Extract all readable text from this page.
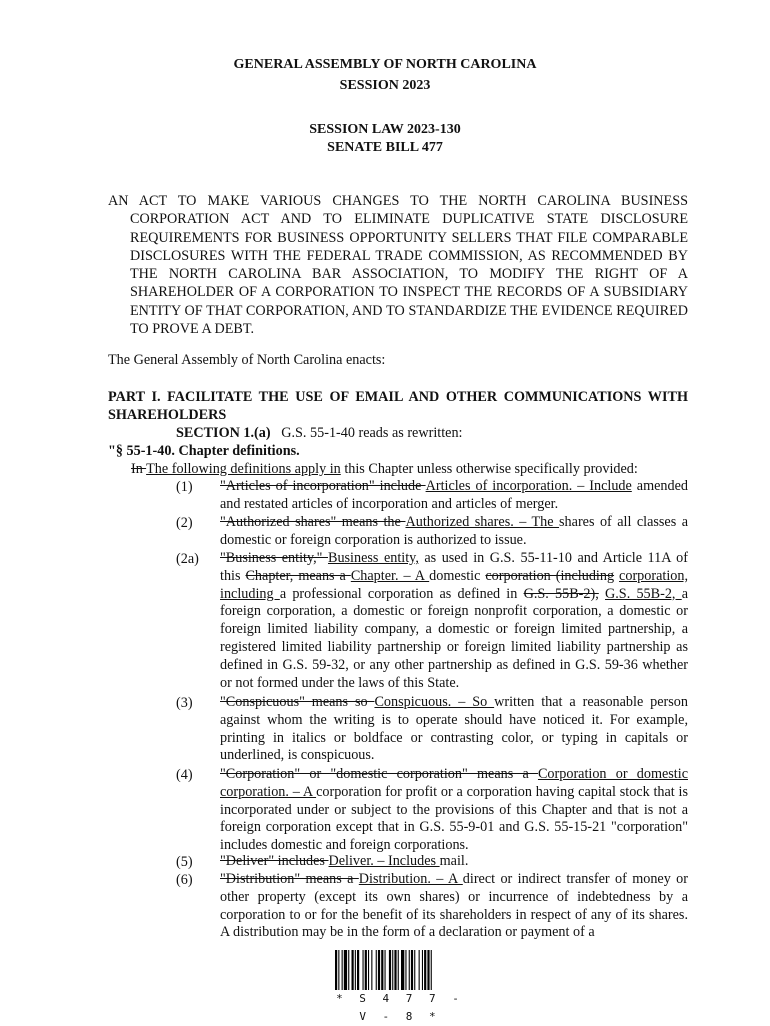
GENERAL ASSEMBLY OF NORTH CAROLINA
SESSION 2023
SESSION LAW 2023-130
SENATE BILL 477
AN ACT TO MAKE VARIOUS CHANGES TO THE NORTH CAROLINA BUSINESS CORPORATION ACT AND TO ELIMINATE DUPLICATIVE STATE DISCLOSURE REQUIREMENTS FOR BUSINESS OPPORTUNITY SELLERS THAT FILE COMPARABLE DISCLOSURES WITH THE FEDERAL TRADE COMMISSION, AS RECOMMENDED BY THE NORTH CAROLINA BAR ASSOCIATION, TO MODIFY THE RIGHT OF A SHAREHOLDER OF A CORPORATION TO INSPECT THE RECORDS OF A SUBSIDIARY ENTITY OF THAT CORPORATION, AND TO STANDARDIZE THE EVIDENCE REQUIRED TO PROVE A DEBT.
The General Assembly of North Carolina enacts:
PART I. FACILITATE THE USE OF EMAIL AND OTHER COMMUNICATIONS WITH SHAREHOLDERS
SECTION 1.(a) G.S. 55-1-40 reads as rewritten:
"§ 55-1-40. Chapter definitions.
In The following definitions apply in this Chapter unless otherwise specifically provided:
(1) "Articles of incorporation" include Articles of incorporation. – Include amended and restated articles of incorporation and articles of merger.
(2) "Authorized shares" means the Authorized shares. – The shares of all classes a domestic or foreign corporation is authorized to issue.
(2a) "Business entity," Business entity, as used in G.S. 55-11-10 and Article 11A of this Chapter, means a Chapter. – A domestic corporation (including corporation, including a professional corporation as defined in G.S. 55B-2), G.S. 55B-2, a foreign corporation, a domestic or foreign nonprofit corporation, a domestic or foreign limited liability company, a domestic or foreign limited partnership, a registered limited liability partnership or foreign limited liability partnership as defined in G.S. 59-32, or any other partnership as defined in G.S. 59-36 whether or not formed under the laws of this State.
(3) "Conspicuous" means so Conspicuous. – So written that a reasonable person against whom the writing is to operate should have noticed it. For example, printing in italics or boldface or contrasting color, or typing in capitals or underlined, is conspicuous.
(4) "Corporation" or "domestic corporation" means a Corporation or domestic corporation. – A corporation for profit or a corporation having capital stock that is incorporated under or subject to the provisions of this Chapter and that is not a foreign corporation except that in G.S. 55-9-01 and G.S. 55-15-21 "corporation" includes domestic and foreign corporations.
(5) "Deliver" includes Deliver. – Includes mail.
(6) "Distribution" means a Distribution. – A direct or indirect transfer of money or other property (except its own shares) or incurrence of indebtedness by a corporation to or for the benefit of its shareholders in respect of any of its shares. A distribution may be in the form of a declaration or payment of a
* S 4 7 7 - V - 8 *
